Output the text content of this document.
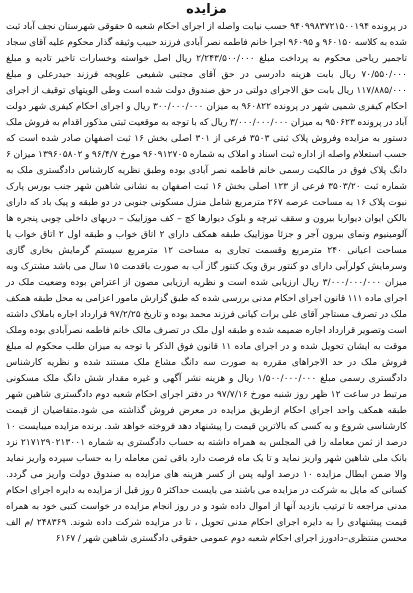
مزایده

در پرونده ۹۴۰۹۹۸۳۷۲۱۵۰۰۱۹۴ حسب نیابت واصله از اجرای احکام شعبه ۵ حقوقی شهرستان نجف آباد ثبت شده به کلاسه ۹۶۰۱۵۰ و ۹۶۰۹۵ اجرا خانم فاطمه نصر آبادی فرزند حبیب وثیقه گذار محکوم علیه آقای سجاد تاجمیر ریاحی محکوم به پرداخت مبلغ ۲/۲۴۳/۵۰۰/۰۰۰ ریال اصل خواسته وخسارات تاخیر تادیه و مبلغ ۷۰/۵۵۰/۰۰۰ ریال بابت هزینه دادرسی در حق آقای مجتبی شفیعی علویجه فرزند حیدرعلی و مبلغ ۱۱۷/۸۸۵/۰۰۰ ریال بابت حق الاجرای دولتی در حق صندوق دولت شده است وطی الویتهای توقیف از اجرای احکام کیفری شمیی شهر در پرونده ۹۶۰۸۲۲ به میزان ۳۰۰/۰۰۰/۰۰۰ ریال و اجرای احکام کیفری شهر دولت آباد در پرونده ۹۵۰۶۲۳ به میزان ۳/۰۰۰/۰۰۰/۰۰۰ ریال که با توجه به موقعیت ثبتی مذکور اقدام به فروش ملک دستور به مزایده وفروش پلاک ثبتی ۳۵۰۳ فرعی از ۳۰۱ اصلی بخش ۱۶ ثبت اصفهان صادر شده است که حسب استعلام واصله از اداره ثبت اسناد و املاک به شماره ۹۶۰۹۱۲۷۰۵ مورخ ۹۶/۴/۷ و ۱۳۹۶۰۵۸۰۲ میزان ۶ دانگ پلاک فوق در مالکیت رسمی خانم فاطمه نصر آبادی بوده وطبق نظریه کارشناس دادگستری ملک به شماره ثبت ۳۵۰۳/۲۰ فرعی از ۱۲۳ اصلی بخش ۱۶ ثبت اصفهان به نشانی شاهین شهر جنب بورس پارک نبوت پلاک ۱۶ به مساحت عرصه ۲۶۷ مترمربع شامل منزل مسکونی جنوبی در دو طبقه و پیک باد که دارای بالکن ایوان دیواربا بیرون و سقف تیرچه و بلوک دیوارها کچ – کف موزاییک – دربهای داخلی چوبی پنجره ها آلومینیوم ونمای بیرون آجر و جزئا موزاییک طبقه همکف دارای ۲ اتاق خواب و طبقه اول ۲ اتاق خواب یا مساحت اعیانی ۲۴۰ مترمربع وقسمت تجاری به مساحت ۱۲ مترمربع سیستم گرمایش بخاری گازی وسرمایش کولرآبی دارای دو کنتور برق ویک کنتور گاز آب به صورت باقدمت ۱۵ سال می باشد مشترک وبه میزان ۳/۰۰۰/۰۰۰/۰۰۰ ریال ارزیابی شده است و نظریه ارزیابی مصون از اعتراض بوده وضعیت ملک در اجرای ماده ۱۱۱ قانون اجرای احکام مدنی بررسی شده که طبق گزارش مامور اعزامی به محل طبقه همکف ملک در تصرف مستاجر آقای علی برات کیانی فرزند محمد بوده و تاریخ ۹۷/۲/۲۵ قرارداد اجاره باملاک داشته است وتصویر قرارداد اجاره ضمیمه شده و طبقه اول ملک در تصرف مالک خانم فاطمه نصرآبادی بوده وملک موقت به ایشان تحویل شده و در اجرای ماده ۱۱ قانون فوق الذکر با توجه به میزان طلب محکوم له مبلغ فروش ملک در حد الاجراهای مقرره به صورت سه دانگ مشاع ملک مستند شده و نظریه کارشناس دادگستری رسمی مبلغ ۱/۵۰۰/۰۰۰/۰۰۰ ریال و هزینه نشر آگهی و غیره مقدار شش دانگ ملک مسکونی مرتبط در ساعت ۱۲ ظهر روز شنبه مورخ ۹۷/۷/۱۶ در دفتر اجرای احکام شعبه دوم دادگستری شاهین شهر طبقه همکف واحد اجرای احکام ازطریق مزایده در معرض فروش گذاشته می شود.متقاضیان از قیمت کارشناسی شروع و به کسی که بالاترین قیمت را پیشنهاد دهد فروخته خواهد شد. برنده مزایده میبایست ۱۰ درصد از ثمن معامله را فی المجلس به همراه داشته به حساب دادگستری به شماره ۲۱۷۱۲۹۰۲۱۳۰۰۱ نزد بانک ملی شاهین شهر واریز نماید و تا یک ماه فرصت دارد باقی ثمن معامله را به حساب سپرده واریز نماید والا ضمن ابطال مزایده ۱۰ درصد اولیه پس از کسر هزینه های مزایده به صندوق دولت واریز می گردد. کسانی که مایل به شرکت در مزایده می باشند می بایست حداکثر ۵ روز قبل از مزایده به دایره اجرای احکام مدنی مراجعه تا ترتیب بازدید آنها از اموال داده شود و در روز انجام مزایده در خواست کتبی خود به همراه قیمت پیشنهادی را به دایره اجرای احکام مدنی تحویل ، تا در مزایده شرکت داده شوند. ۲۴۸۳۶۹ /م الف محسن منتظری–دادورز اجرای احکام شعبه دوم عمومی حقوقی دادگستری شاهین شهر / ۶۱۶۷
